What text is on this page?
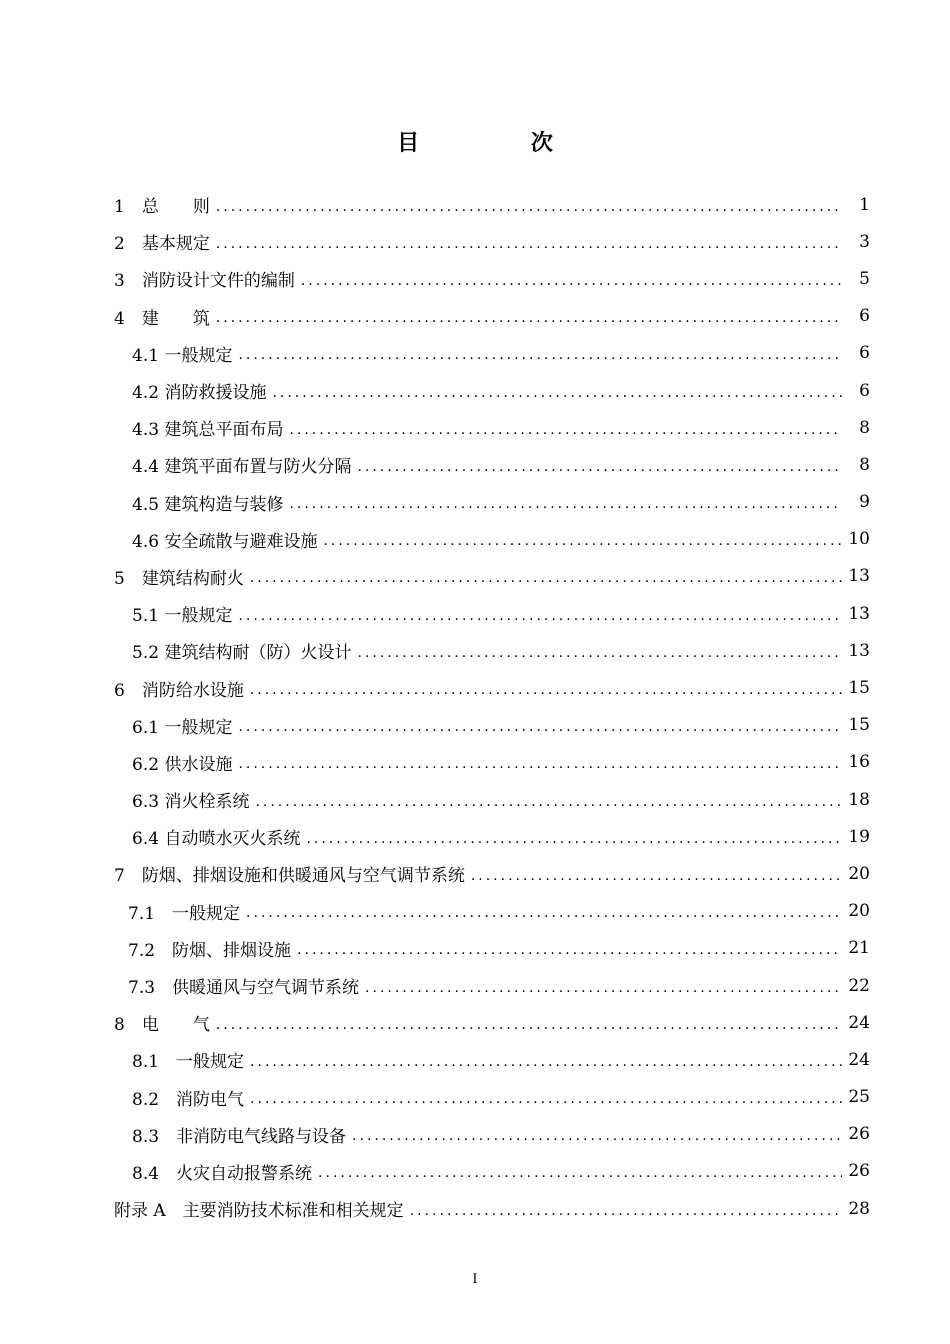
目 次
1　总　　则 .....	1
2　基本规定 .....	3
3　消防设计文件的编制 .....	5
4　建　　筑 .....	6
4.1 一般规定 .....	6
4.2 消防救援设施 .....	6
4.3 建筑总平面布局 .....	8
4.4 建筑平面布置与防火分隔 .....	8
4.5 建筑构造与装修 .....	9
4.6 安全疏散与避难设施 .....	10
5　建筑结构耐火 .....	13
5.1 一般规定 .....	13
5.2 建筑结构耐（防）火设计 .....	13
6　消防给水设施 .....	15
6.1 一般规定 .....	15
6.2 供水设施 .....	16
6.3 消火栓系统 .....	18
6.4 自动喷水灭火系统 .....	19
7　防烟、排烟设施和供暖通风与空气调节系统 .....	20
7.1　一般规定 .....	20
7.2　防烟、排烟设施 .....	21
7.3　供暖通风与空气调节系统 .....	22
8　电　　气 .....	24
8.1　一般规定 .....	24
8.2　消防电气 .....	25
8.3　非消防电气线路与设备 .....	26
8.4　火灾自动报警系统 .....	26
附录 A　主要消防技术标准和相关规定 .....	28
I
